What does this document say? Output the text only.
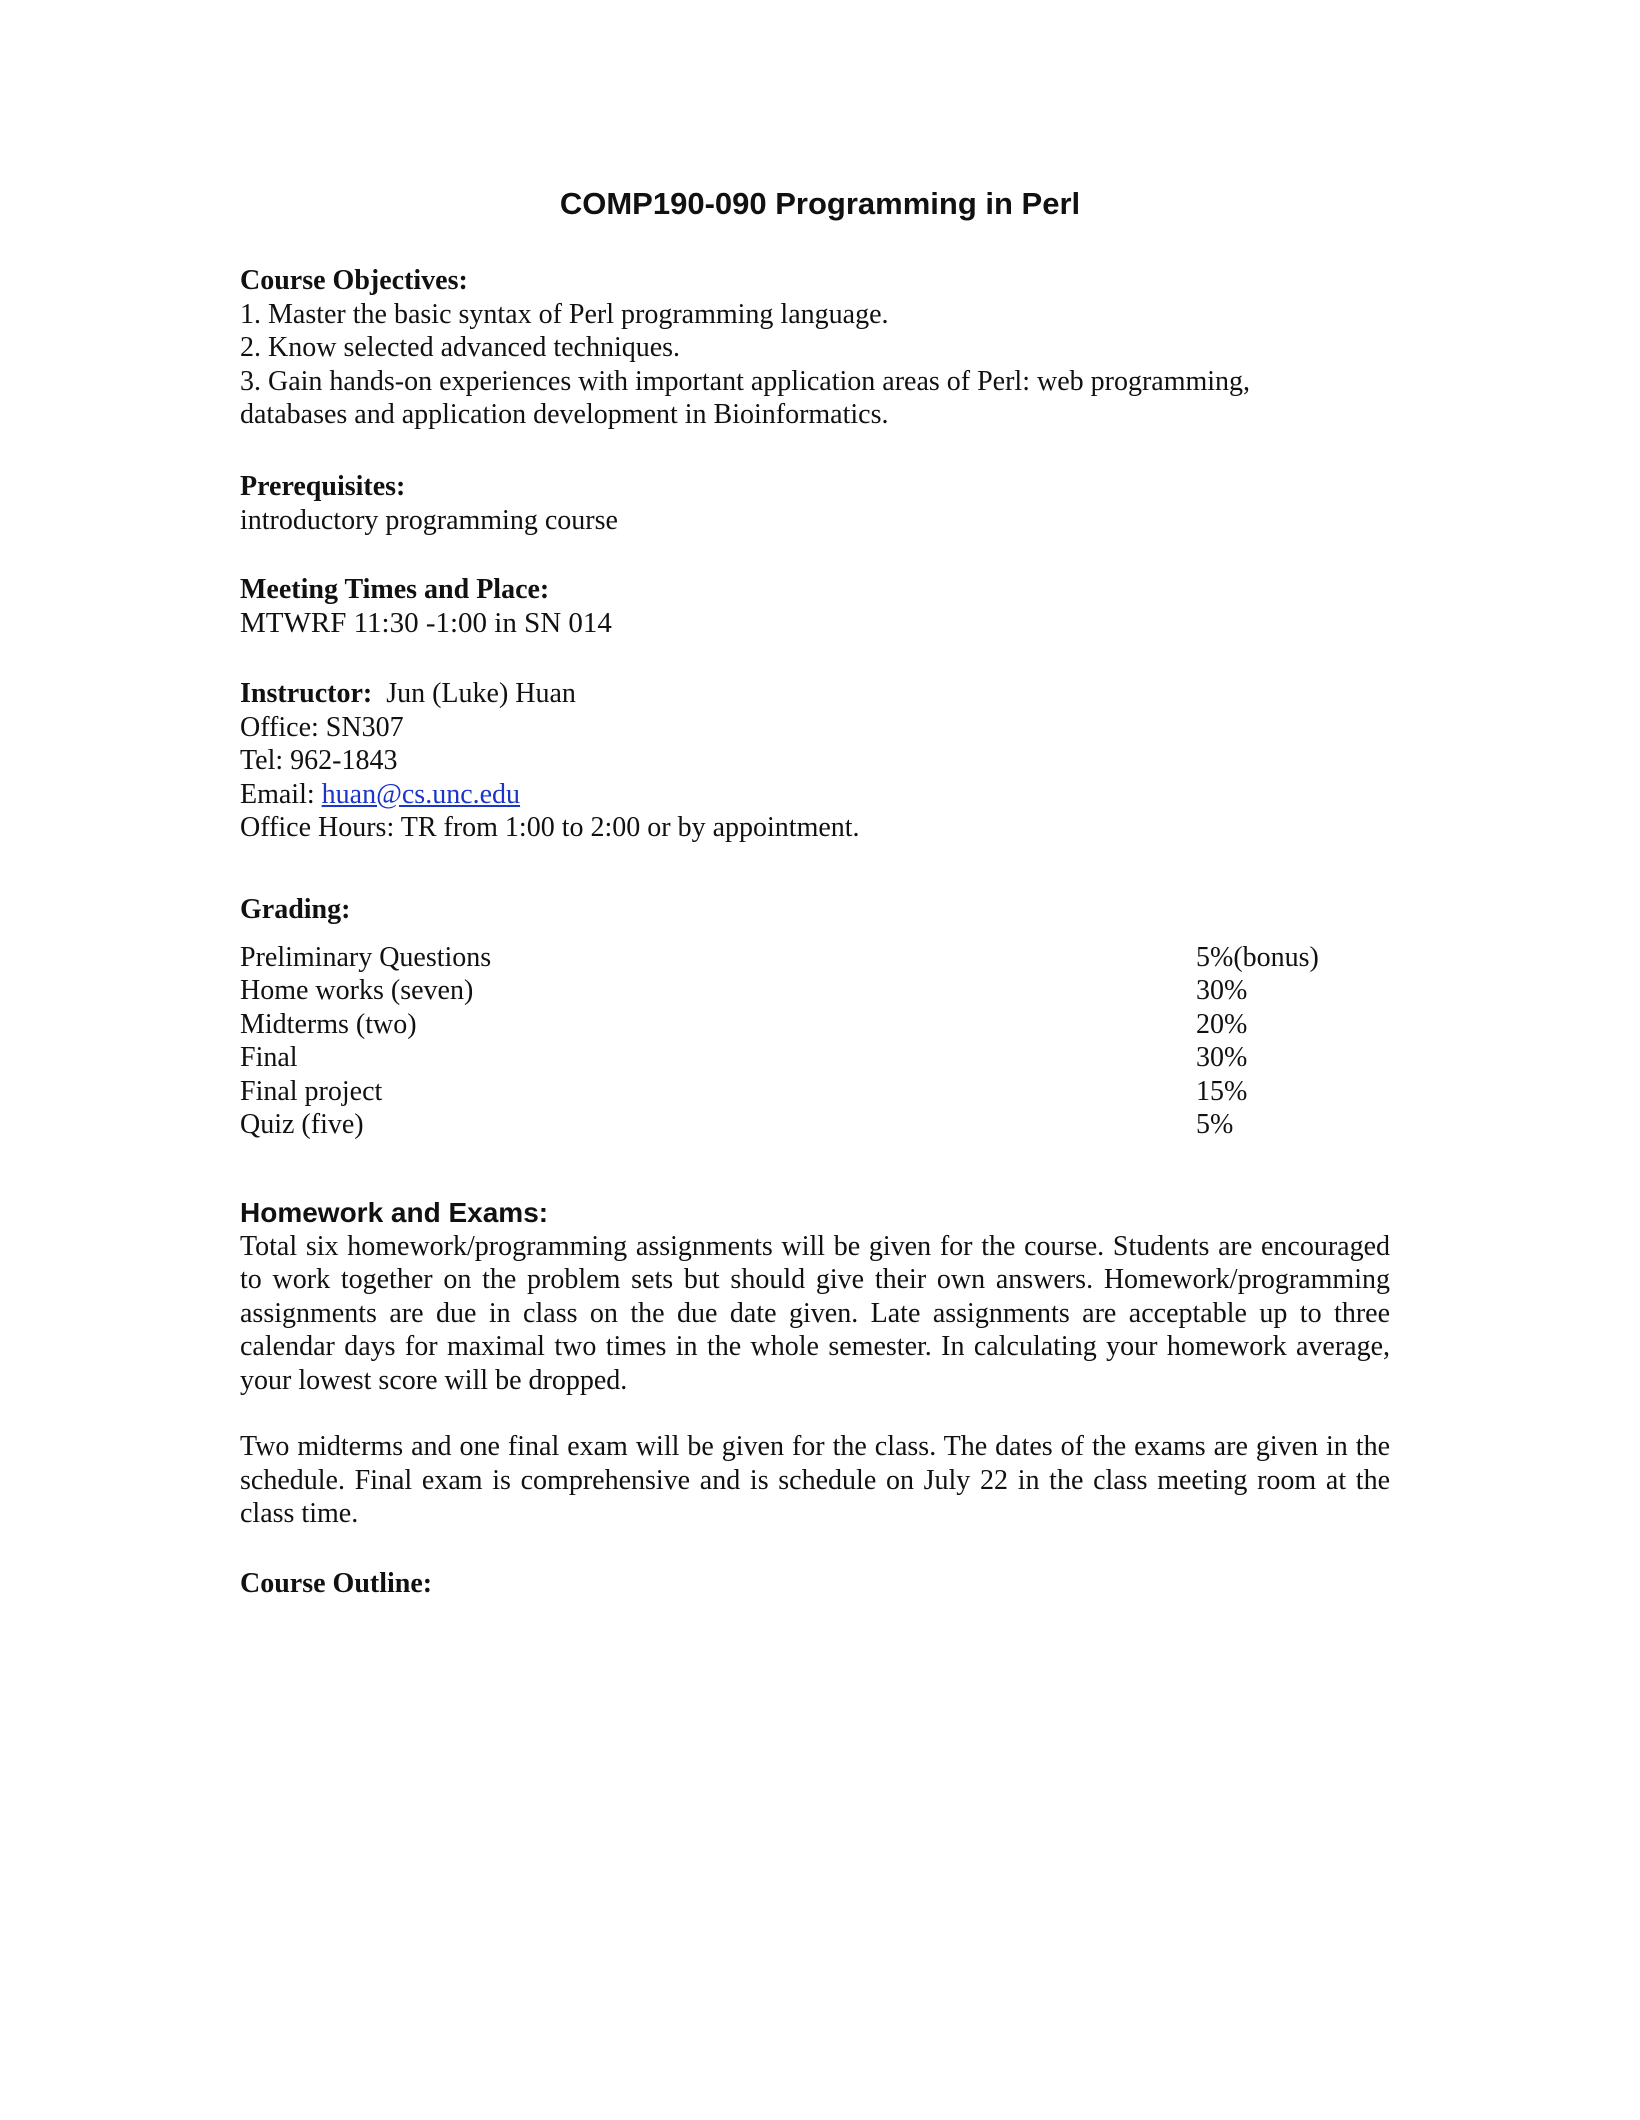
COMP190-090 Programming in Perl
Course Objectives:
1. Master the basic syntax of Perl programming language.
2. Know selected advanced techniques.
3. Gain hands-on experiences with important application areas of Perl: web programming,
databases and application development in Bioinformatics.
Prerequisites:
introductory programming course
Meeting Times and Place:
MTWRF 11:30 -1:00 in SN 014
Instructor: Jun (Luke) Huan
Office: SN307
Tel: 962-1843
Email: huan@cs.unc.edu
Office Hours: TR from 1:00 to 2:00 or by appointment.
Grading:
Preliminary Questions	5%(bonus)
Home works (seven)	30%
Midterms (two)	20%
Final	30%
Final project	15%
Quiz (five)	5%
Homework and Exams:
Total six homework/programming assignments will be given for the course. Students are encouraged to work together on the problem sets but should give their own answers. Homework/programming assignments are due in class on the due date given. Late assignments are acceptable up to three calendar days for maximal two times in the whole semester. In calculating your homework average, your lowest score will be dropped.
Two midterms and one final exam will be given for the class. The dates of the exams are given in the schedule. Final exam is comprehensive and is schedule on July 22 in the class meeting room at the class time.
Course Outline:
